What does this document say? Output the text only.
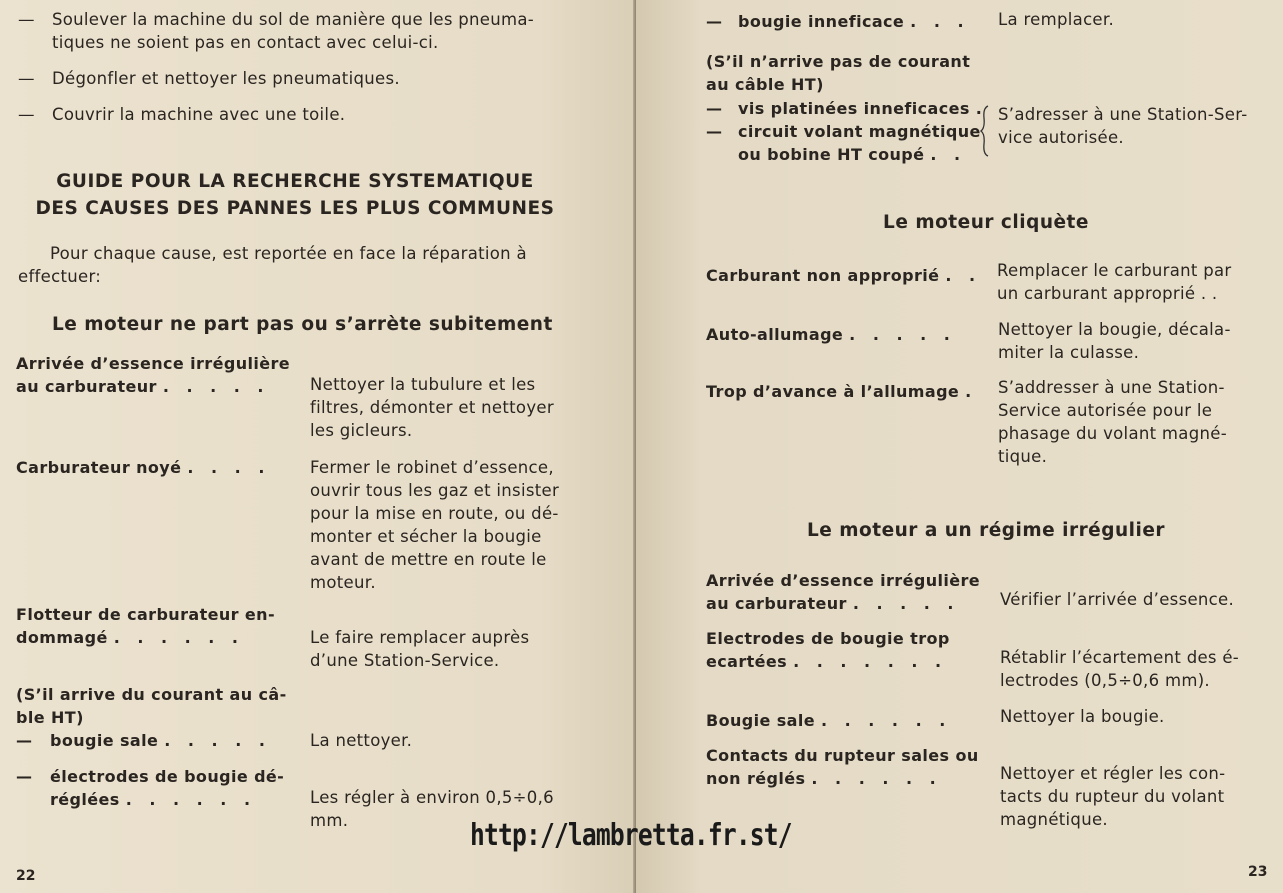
— Soulever la machine du sol de manière que les pneuma-
tiques ne soient pas en contact avec celui-ci.
— Dégonfler et nettoyer les pneumatiques.
— Couvrir la machine avec une toile.
GUIDE POUR LA RECHERCHE SYSTEMATIQUE
DES CAUSES DES PANNES LES PLUS COMMUNES
Pour chaque cause, est reportée en face la réparation à
effectuer:
Le moteur ne part pas ou s’arrète subitement
Arrivée d’essence irrégulière
au carburateur . . . . .	Nettoyer la tubulure et les
filtres, démonter et nettoyer
les gicleurs.
Carburateur noyé . . . .	Fermer le robinet d’essence,
ouvrir tous les gaz et insister
pour la mise en route, ou dé-
monter et sécher la bougie
avant de mettre en route le
moteur.
Flotteur de carburateur en-
dommagé . . . . . .	Le faire remplacer auprès
d’une Station-Service.
(S’il arrive du courant au câ-
ble HT)
— bougie sale . . . . .	La nettoyer.
— électrodes de bougie dé-
réglées . . . . . .	Les régler à environ 0,5÷0,6
mm.
22
— bougie inneficace . . .	La remplacer.
(S’il n’arrive pas de courant
au câble HT)
— vis platinées inneficaces .
— circuit volant magnétique
ou bobine HT coupé . .
S’adresser à une Station-Ser-
vice autorisée.
Le moteur cliquète
Carburant non approprié . . Remplacer le carburant par
un carburant approprié . .
Auto-allumage . . . . .	Nettoyer la bougie, décala-
miter la culasse.
Trop d’avance à l’allumage .	S’addresser à une Station-
Service autorisée pour le
phasage du volant magné-
tique.
Le moteur a un régime irrégulier
Arrivée d’essence irrégulière
au carburateur . . . . .	Vérifier l’arrivée d’essence.
Electrodes de bougie trop
ecartées . . . . . . .	Rétablir l’écartement des é-
lectrodes (0,5÷0,6 mm).
Bougie sale . . . . . .	Nettoyer la bougie.
Contacts du rupteur sales ou
non réglés . . . . . .	Nettoyer et régler les con-
tacts du rupteur du volant
magnétique.
23
http://lambretta.fr.st/
